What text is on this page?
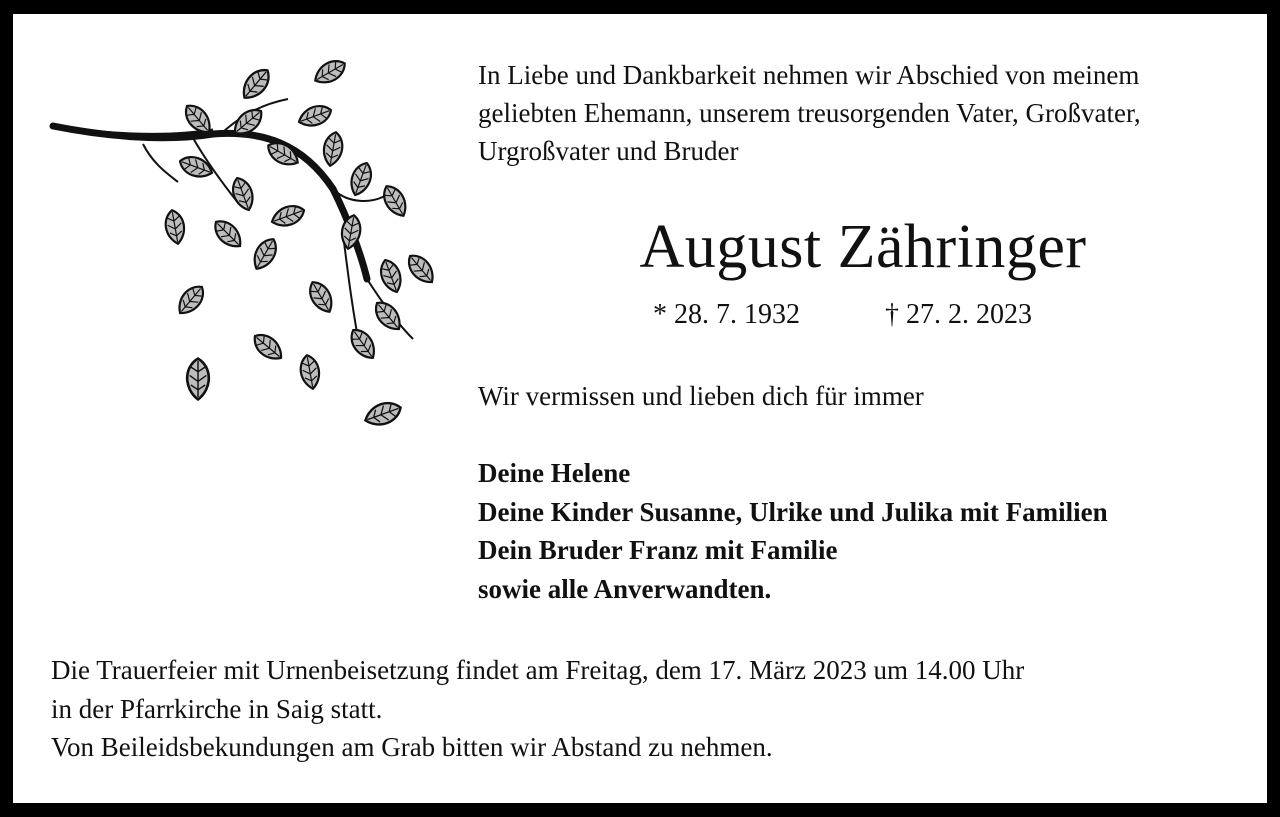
In Liebe und Dankbarkeit nehmen wir Abschied von meinem
geliebten Ehemann, unserem treusorgenden Vater, Großvater,
Urgroßvater und Bruder
August Zähringer
* 28. 7. 1932	† 27. 2. 2023
Wir vermissen und lieben dich für immer
Deine Helene
Deine Kinder Susanne, Ulrike und Julika mit Familien
Dein Bruder Franz mit Familie
sowie alle Anverwandten.
Die Trauerfeier mit Urnenbeisetzung findet am Freitag, dem 17. März 2023 um 14.00 Uhr
in der Pfarrkirche in Saig statt.
Von Beileidsbekundungen am Grab bitten wir Abstand zu nehmen.
